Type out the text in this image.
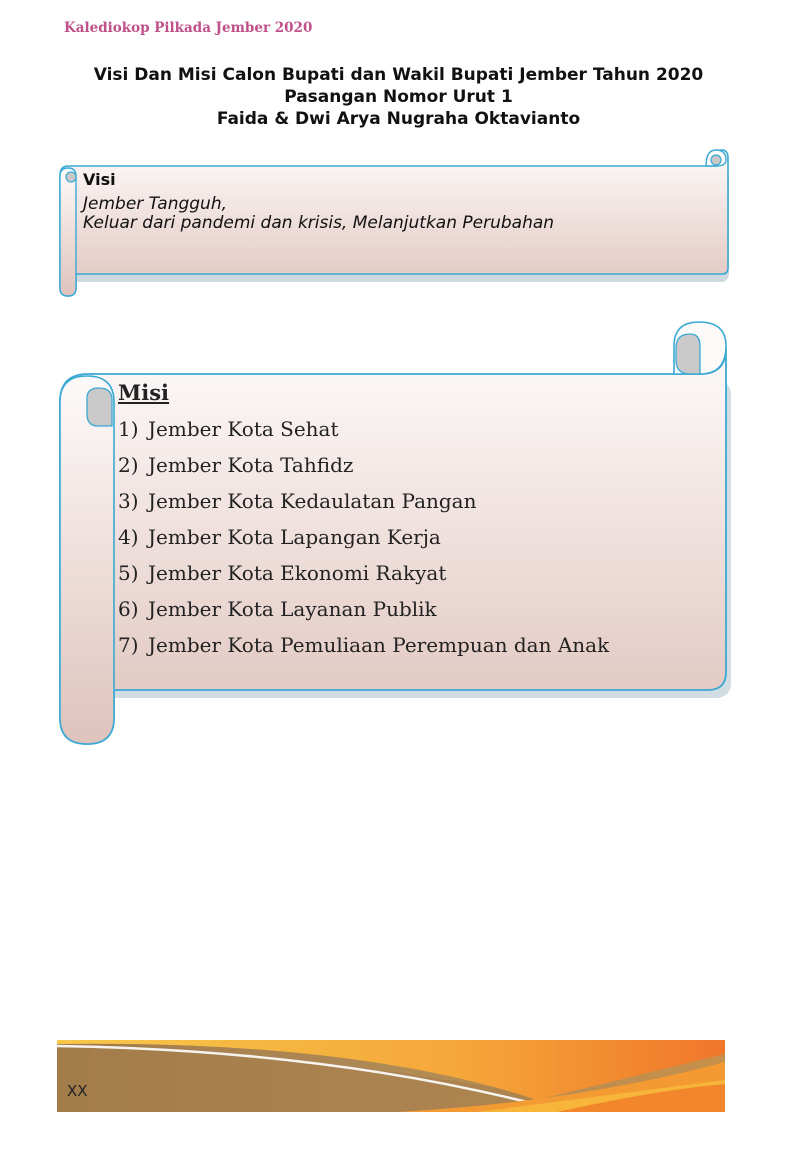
Kalediokop Pilkada Jember 2020
Visi Dan Misi Calon Bupati dan Wakil Bupati Jember Tahun 2020
Pasangan Nomor Urut 1
Faida & Dwi Arya Nugraha Oktavianto
Visi
Jember Tangguh,
Keluar dari pandemi dan krisis, Melanjutkan Perubahan
Misi
1) Jember Kota Sehat
2) Jember Kota Tahfidz
3) Jember Kota Kedaulatan Pangan
4) Jember Kota Lapangan Kerja
5) Jember Kota Ekonomi Rakyat
6) Jember Kota Layanan Publik
7) Jember Kota Pemuliaan Perempuan dan Anak
XX
